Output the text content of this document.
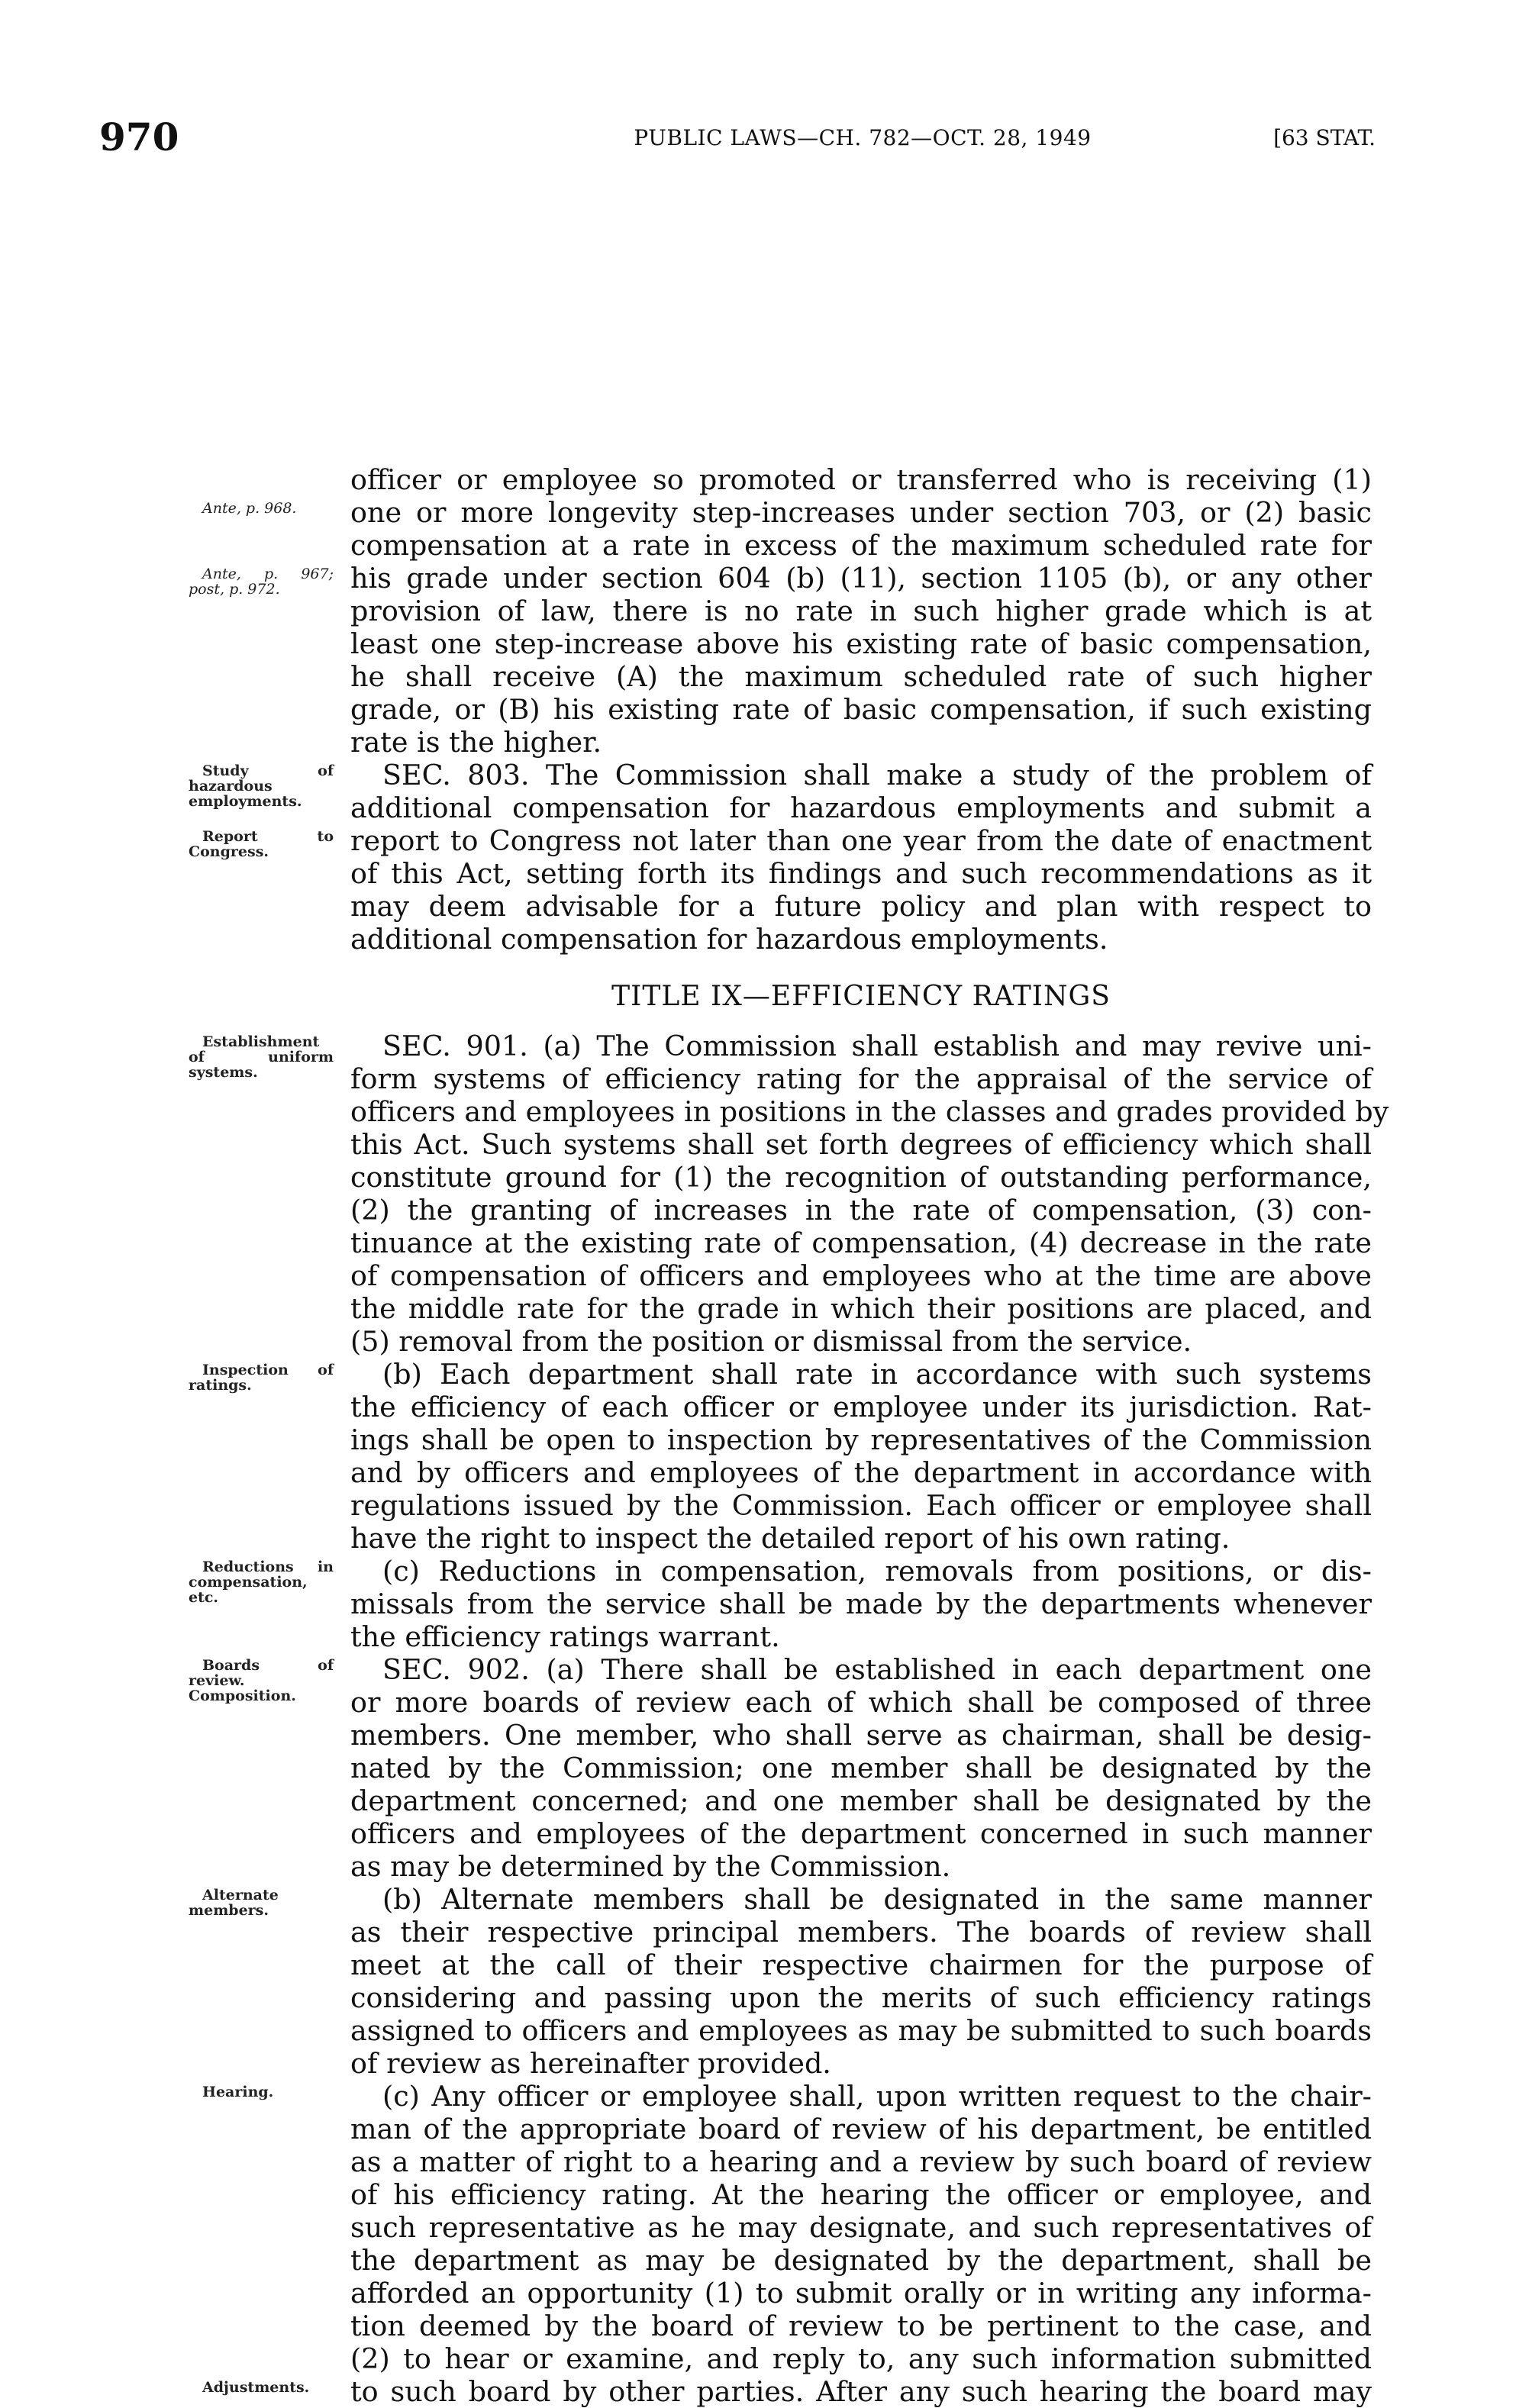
970	PUBLIC LAWS—CH. 782—OCT. 28, 1949	[63 STAT.
officer or employee so promoted or transferred who is receiving (1)
one or more longevity step-increases under section 703, or (2) basic
Ante, p. 968.
compensation at a rate in excess of the maximum scheduled rate for
his grade under section 604 (b) (11), section 1105 (b), or any other
Ante, p. 967; post, p. 972.
provision of law, there is no rate in such higher grade which is at
least one step-increase above his existing rate of basic compensation,
he shall receive (A) the maximum scheduled rate of such higher
grade, or (B) his existing rate of basic compensation, if such existing
rate is the higher.
SEC. 803. The Commission shall make a study of the problem of
Study of hazardous employments.	additional compensation for hazardous employments and submit a
report to Congress not later than one year from the date of enactment
Report to Congress.
of this Act, setting forth its findings and such recommendations as it
may deem advisable for a future policy and plan with respect to
additional compensation for hazardous employments.
TITLE IX—EFFICIENCY RATINGS
SEC. 901. (a) The Commission shall establish and may revive uni-
Establishment of uniform systems.	form systems of efficiency rating for the appraisal of the service of
officers and employees in positions in the classes and grades provided by
this Act. Such systems shall set forth degrees of efficiency which shall
constitute ground for (1) the recognition of outstanding performance,
(2) the granting of increases in the rate of compensation, (3) con-
tinuance at the existing rate of compensation, (4) decrease in the rate
of compensation of officers and employees who at the time are above
the middle rate for the grade in which their positions are placed, and
(5) removal from the position or dismissal from the service.
(b) Each department shall rate in accordance with such systems
Inspection of ratings.
the efficiency of each officer or employee under its jurisdiction. Rat-
ings shall be open to inspection by representatives of the Commission
and by officers and employees of the department in accordance with
regulations issued by the Commission. Each officer or employee shall
have the right to inspect the detailed report of his own rating.
(c) Reductions in compensation, removals from positions, or dis-
Reductions in compensation, etc.	missals from the service shall be made by the departments whenever
the efficiency ratings warrant.
SEC. 902. (a) There shall be established in each department one
Boards of review. Composition.	or more boards of review each of which shall be composed of three
members. One member, who shall serve as chairman, shall be desig-
nated by the Commission; one member shall be designated by the
department concerned; and one member shall be designated by the
officers and employees of the department concerned in such manner
as may be determined by the Commission.
(b) Alternate members shall be designated in the same manner
Alternate members.
as their respective principal members. The boards of review shall
meet at the call of their respective chairmen for the purpose of
considering and passing upon the merits of such efficiency ratings
assigned to officers and employees as may be submitted to such boards
of review as hereinafter provided.
(c) Any officer or employee shall, upon written request to the chair-
Hearing.
man of the appropriate board of review of his department, be entitled
as a matter of right to a hearing and a review by such board of review
of his efficiency rating. At the hearing the officer or employee, and
such representative as he may designate, and such representatives of
the department as may be designated by the department, shall be
afforded an opportunity (1) to submit orally or in writing any informa-
tion deemed by the board of review to be pertinent to the case, and
(2) to hear or examine, and reply to, any such information submitted
to such board by other parties. After any such hearing the board may
Adjustments.
